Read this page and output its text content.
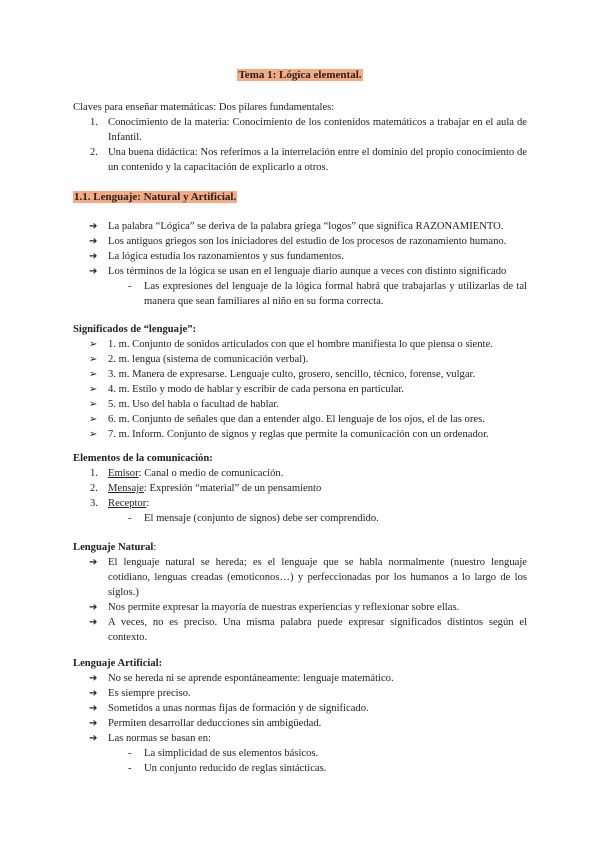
Tema 1: Lógica elemental.
Claves para enseñar matemáticas: Dos pilares fundamentales:
1. Conocimiento de la materia: Conocimiento de los contenidos matemáticos a trabajar en el aula de Infantil.
2. Una buena didáctica: Nos referimos a la interrelación entre el dominio del propio conocimiento de un contenido y la capacitación de explicarlo a otros.
1.1. Lenguaje: Natural y Artificial.
➔ La palabra “Lógica” se deriva de la palabra griega “logos” que significa RAZONAMIENTO.
➔ Los antiguos griegos son los iniciadores del estudio de los procesos de razonamiento humano.
➔ La lógica estudia los razonamientos y sus fundamentos.
➔ Los términos de la lógica se usan en el lenguaje diario aunque a veces con distinto significado
- Las expresiones del lenguaje de la lógica formal habrá que trabajarlas y utilizarlas de tal manera que sean familiares al niño en su forma correcta.
Significados de “lenguaje”:
➢ 1. m. Conjunto de sonidos articulados con que el hombre manifiesta lo que piensa o siente.
➢ 2. m. lengua (sistema de comunicación verbal).
➢ 3. m. Manera de expresarse. Lenguaje culto, grosero, sencillo, técnico, forense, vulgar.
➢ 4. m. Estilo y modo de hablar y escribir de cada persona en particular.
➢ 5. m. Uso del habla o facultad de hablar.
➢ 6. m. Conjunto de señales que dan a entender algo. El lenguaje de los ojos, el de las ores.
➢ 7. m. Inform. Conjunto de signos y reglas que permite la comunicación con un ordenador.
Elementos de la comunicación:
1. Emisor: Canal o medio de comunicación.
2. Mensaje: Expresión “material” de un pensamiento
3. Receptor:
- El mensaje (conjunto de signos) debe ser comprendido.
Lenguaje Natural:
➔ El lenguaje natural se hereda; es el lenguaje que se habla normalmente (nuestro lenguaje cotidiano, lenguas creadas (emoticonos…) y perfeccionadas por los humanos a lo largo de los siglos.)
➔ Nos permite expresar la mayoría de nuestras experiencias y reflexionar sobre ellas.
➔ A veces, no es preciso. Una misma palabra puede expresar significados distintos según el contexto.
Lenguaje Artificial:
➔ No se hereda ni se aprende espontáneamente: lenguaje matemático.
➔ Es siempre preciso.
➔ Sometidos a unas normas fijas de formación y de significado.
➔ Permiten desarrollar deducciones sin ambigüedad.
➔ Las normas se basan en:
- La simplicidad de sus elementos básicos.
- Un conjunto reducido de reglas sintácticas.
